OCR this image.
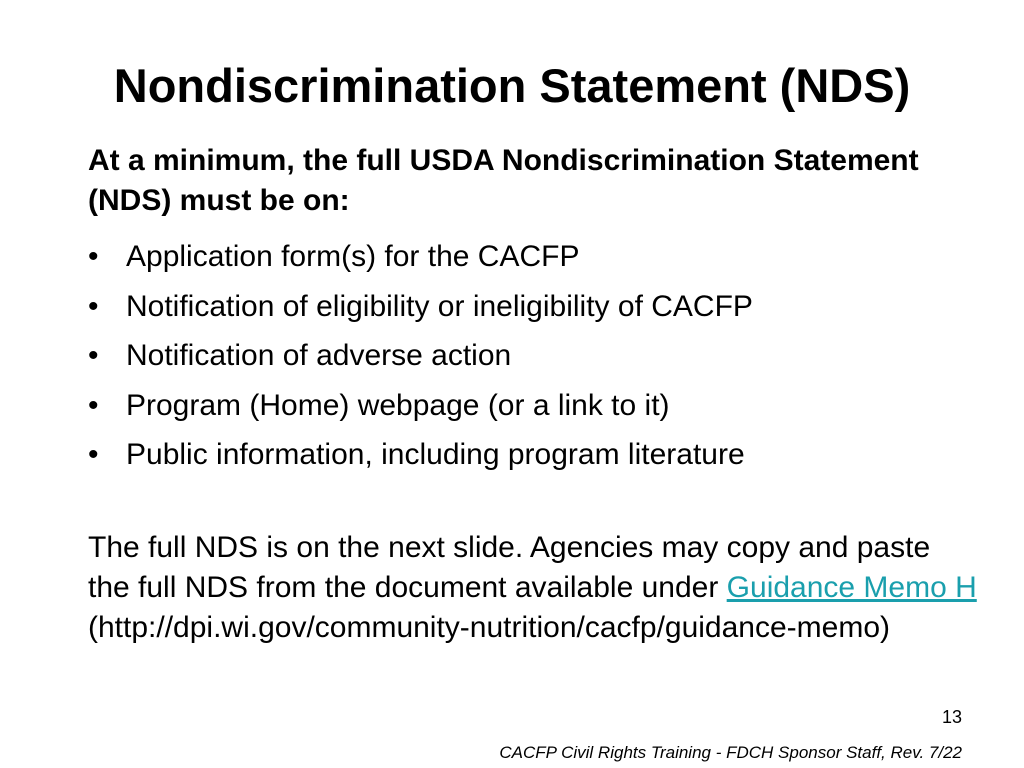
Nondiscrimination Statement (NDS)

At a minimum, the full USDA Nondiscrimination Statement (NDS) must be on:

• Application form(s) for the CACFP
• Notification of eligibility or ineligibility of CACFP
• Notification of adverse action
• Program (Home) webpage (or a link to it)
• Public information, including program literature

The full NDS is on the next slide. Agencies may copy and paste the full NDS from the document available under Guidance Memo H (http://dpi.wi.gov/community-nutrition/cacfp/guidance-memo)

13
CACFP Civil Rights Training - FDCH Sponsor Staff, Rev. 7/22
